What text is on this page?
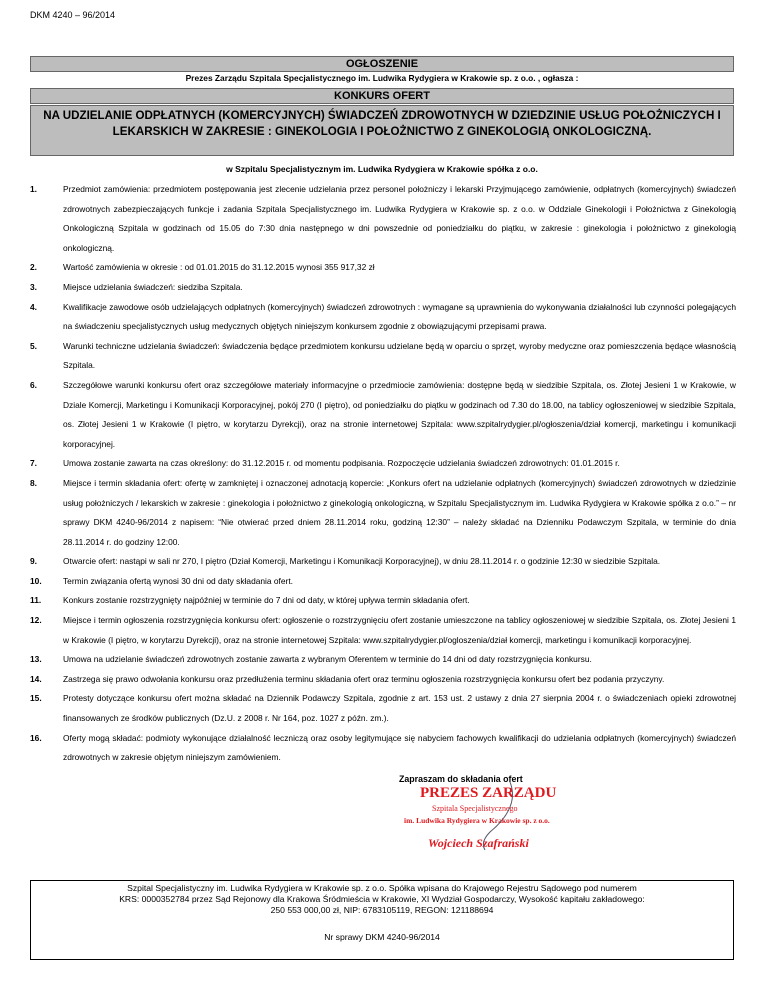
DKM 4240 – 96/2014
OGŁOSZENIE
Prezes Zarządu Szpitala Specjalistycznego im. Ludwika Rydygiera w Krakowie sp. z o.o. , ogłasza :
KONKURS OFERT
NA UDZIELANIE ODPŁATNYCH (KOMERCYJNYCH) ŚWIADCZEŃ ZDROWOTNYCH W DZIEDZINIE USŁUG POŁOŻNICZYCH I LEKARSKICH W ZAKRESIE : GINEKOLOGIA I POŁOŻNICTWO Z GINEKOLOGIĄ ONKOLOGICZNĄ.
w Szpitalu Specjalistycznym im. Ludwika Rydygiera w Krakowie spółka z o.o.
1.	Przedmiot zamówienia: przedmiotem postępowania jest zlecenie udzielania przez personel położniczy i lekarski Przyjmującego zamówienie, odpłatnych (komercyjnych) świadczeń zdrowotnych zabezpieczających funkcje i zadania Szpitala Specjalistycznego im. Ludwika Rydygiera w Krakowie sp. z o.o. w Oddziale Ginekologii i Położnictwa z Ginekologią Onkologiczną Szpitala w godzinach od 15.05 do 7:30 dnia następnego w dni powszednie od poniedziałku do piątku, w zakresie : ginekologia i położnictwo z ginekologią onkologiczną.
2.	Wartość zamówienia w okresie : od 01.01.2015 do 31.12.2015 wynosi 355 917,32 zł
3.	Miejsce udzielania świadczeń: siedziba Szpitala.
4.	Kwalifikacje zawodowe osób udzielających odpłatnych (komercyjnych) świadczeń zdrowotnych : wymagane są uprawnienia do wykonywania działalności lub czynności polegających na świadczeniu specjalistycznych usług medycznych objętych niniejszym konkursem zgodnie z obowiązującymi przepisami prawa.
5.	Warunki techniczne udzielania świadczeń: świadczenia będące przedmiotem konkursu udzielane będą w oparciu o sprzęt, wyroby medyczne oraz pomieszczenia będące własnością Szpitala.
6.	Szczegółowe warunki konkursu ofert oraz szczegółowe materiały informacyjne o przedmiocie zamówienia: dostępne będą w siedzibie Szpitala, os. Złotej Jesieni 1 w Krakowie, w Dziale Komercji, Marketingu i Komunikacji Korporacyjnej, pokój 270 (I piętro), od poniedziałku do piątku w godzinach od 7.30 do 18.00, na tablicy ogłoszeniowej w siedzibie Szpitala, os. Złotej Jesieni 1 w Krakowie (I piętro, w korytarzu Dyrekcji), oraz na stronie internetowej Szpitala: www.szpitalrydygier.pl/ogłoszenia/dział komercji, marketingu i komunikacji korporacyjnej.
7.	Umowa zostanie zawarta na czas określony: do 31.12.2015 r. od momentu podpisania. Rozpoczęcie udzielania świadczeń zdrowotnych: 01.01.2015 r.
8.	Miejsce i termin składania ofert: ofertę w zamkniętej i oznaczonej adnotacją kopercie: „Konkurs ofert na udzielanie odpłatnych (komercyjnych) świadczeń zdrowotnych w dziedzinie usług położniczych / lekarskich w zakresie : ginekologia i położnictwo z ginekologią onkologiczną, w Szpitalu Specjalistycznym im. Ludwika Rydygiera w Krakowie spółka z o.o.” – nr sprawy DKM 4240-96/2014 z napisem: “Nie otwierać przed dniem 28.11.2014 roku, godziną 12:30” – należy składać na Dzienniku Podawczym Szpitala, w terminie do dnia 28.11.2014 r. do godziny 12:00.
9.	Otwarcie ofert: nastąpi w sali nr 270, I piętro (Dział Komercji, Marketingu i Komunikacji Korporacyjnej), w dniu 28.11.2014 r. o godzinie 12:30 w siedzibie Szpitala.
10.	Termin związania ofertą wynosi 30 dni od daty składania ofert.
11.	Konkurs zostanie rozstrzygnięty najpóźniej w terminie do 7 dni od daty, w której upływa termin składania ofert.
12.	Miejsce i termin ogłoszenia rozstrzygnięcia konkursu ofert: ogłoszenie o rozstrzygnięciu ofert zostanie umieszczone na tablicy ogłoszeniowej w siedzibie Szpitala, os. Złotej Jesieni 1 w Krakowie (I piętro, w korytarzu Dyrekcji), oraz na stronie internetowej Szpitala: www.szpitalrydygier.pl/ogloszenia/dział komercji, marketingu i komunikacji korporacyjnej.
13.	Umowa na udzielanie świadczeń zdrowotnych zostanie zawarta z wybranym Oferentem w terminie do 14 dni od daty rozstrzygnięcia konkursu.
14.	Zastrzega się prawo odwołania konkursu oraz przedłużenia terminu składania ofert oraz terminu ogłoszenia rozstrzygnięcia konkursu ofert bez podania przyczyny.
15.	Protesty dotyczące konkursu ofert można składać na Dziennik Podawczy Szpitala, zgodnie z art. 153 ust. 2 ustawy z dnia 27 sierpnia 2004 r. o świadczeniach opieki zdrowotnej finansowanych ze środków publicznych (Dz.U. z 2008 r. Nr 164, poz. 1027 z późn. zm.).
16.	Oferty mogą składać: podmioty wykonujące działalność leczniczą oraz osoby legitymujące się nabyciem fachowych kwalifikacji do udzielania odpłatnych (komercyjnych) świadczeń zdrowotnych w zakresie objętym niniejszym zamówieniem.
PREZES ZARZĄDU
Szpitala Specjalistycznego
im. Ludwika Rydygiera w Krakowie sp. z o.o.
Wojciech Szafrański
Zapraszam do składania ofert
Szpital Specjalistyczny im. Ludwika Rydygiera w Krakowie sp. z o.o. Spółka wpisana do Krajowego Rejestru Sądowego pod numerem
KRS: 0000352784 przez Sąd Rejonowy dla Krakowa Śródmieścia w Krakowie, XI Wydział Gospodarczy, Wysokość kapitału zakładowego:
250 553 000,00 zł, NIP: 6783105119, REGON: 121188694
Nr sprawy DKM 4240-96/2014
